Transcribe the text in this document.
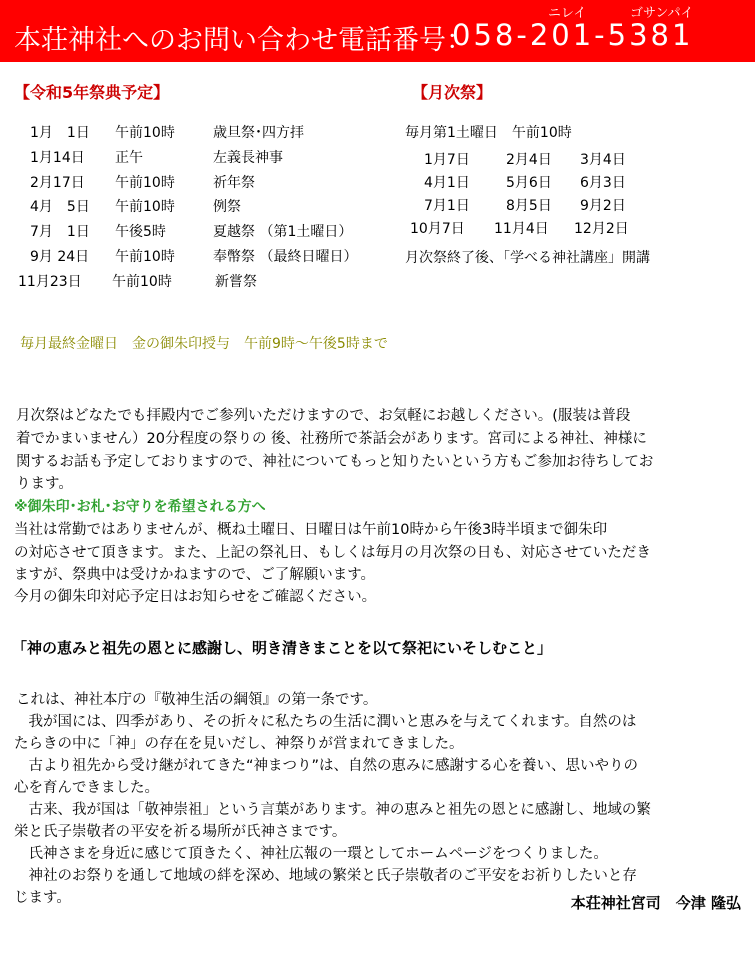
ニレイ	ゴサンパイ
本荘神社へのお問い合わせ電話番号：
058-201-5381
【令和5年祭典予定】	【月次祭】
1月　1日 午前10時	歳旦祭･四方拝
1月14日 正午	左義長神事
2月17日 午前10時	祈年祭
4月　5日 午前10時	例祭
7月　1日 午後5時	夏越祭 （第1土曜日）
9月 24日 午前10時	奉幣祭 （最終日曜日）
11月23日 午前10時	新嘗祭
毎月第1土曜日　午前10時
1月7日	2月4日 3月4日
4月1日	5月6日 6月3日
7月1日	8月5日 9月2日
10月7日 11月4日 12月2日
月次祭終了後、「学べる神社講座」開講
毎月最終金曜日　金の御朱印授与　午前9時～午後5時まで
月次祭はどなたでも拝殿内でご参列いただけますので、お気軽にお越しください。(服装は普段
着でかまいません）20分程度の祭りの 後、社務所で茶話会があります。宮司による神社、神様に
関するお話も予定しておりますので、神社についてもっと知りたいという方もご参加お待ちしてお
ります。
※御朱印･お札･お守りを希望される方へ
当社は常勤ではありませんが、概ね土曜日、日曜日は午前10時から午後3時半頃まで御朱印
の対応させて頂きます。また、上記の祭礼日、もしくは毎月の月次祭の日も、対応させていただき
ますが、祭典中は受けかねますので、ご了解願います。
今月の御朱印対応予定日はお知らせをご確認ください。
「神の恵みと祖先の恩とに感謝し、明き清きまことを以て祭祀にいそしむこと」
これは、神社本庁の『敬神生活の綱領』の第一条です。
　我が国には、四季があり、その折々に私たちの生活に潤いと恵みを与えてくれます。自然のは
たらきの中に「神」の存在を見いだし、神祭りが営まれてきました。
　古より祖先から受け継がれてきた“神まつり”は、自然の恵みに感謝する心を養い、思いやりの
心を育んできました。
　古来、我が国は「敬神崇祖」という言葉があります。神の恵みと祖先の恩とに感謝し、地域の繁
栄と氏子崇敬者の平安を祈る場所が氏神さまです。
　氏神さまを身近に感じて頂きたく、神社広報の一環としてホームページをつくりました。
　神社のお祭りを通して地域の絆を深め、地域の繁栄と氏子崇敬者のご平安をお祈りしたいと存
じます。	本荘神社宮司　今津 隆弘
